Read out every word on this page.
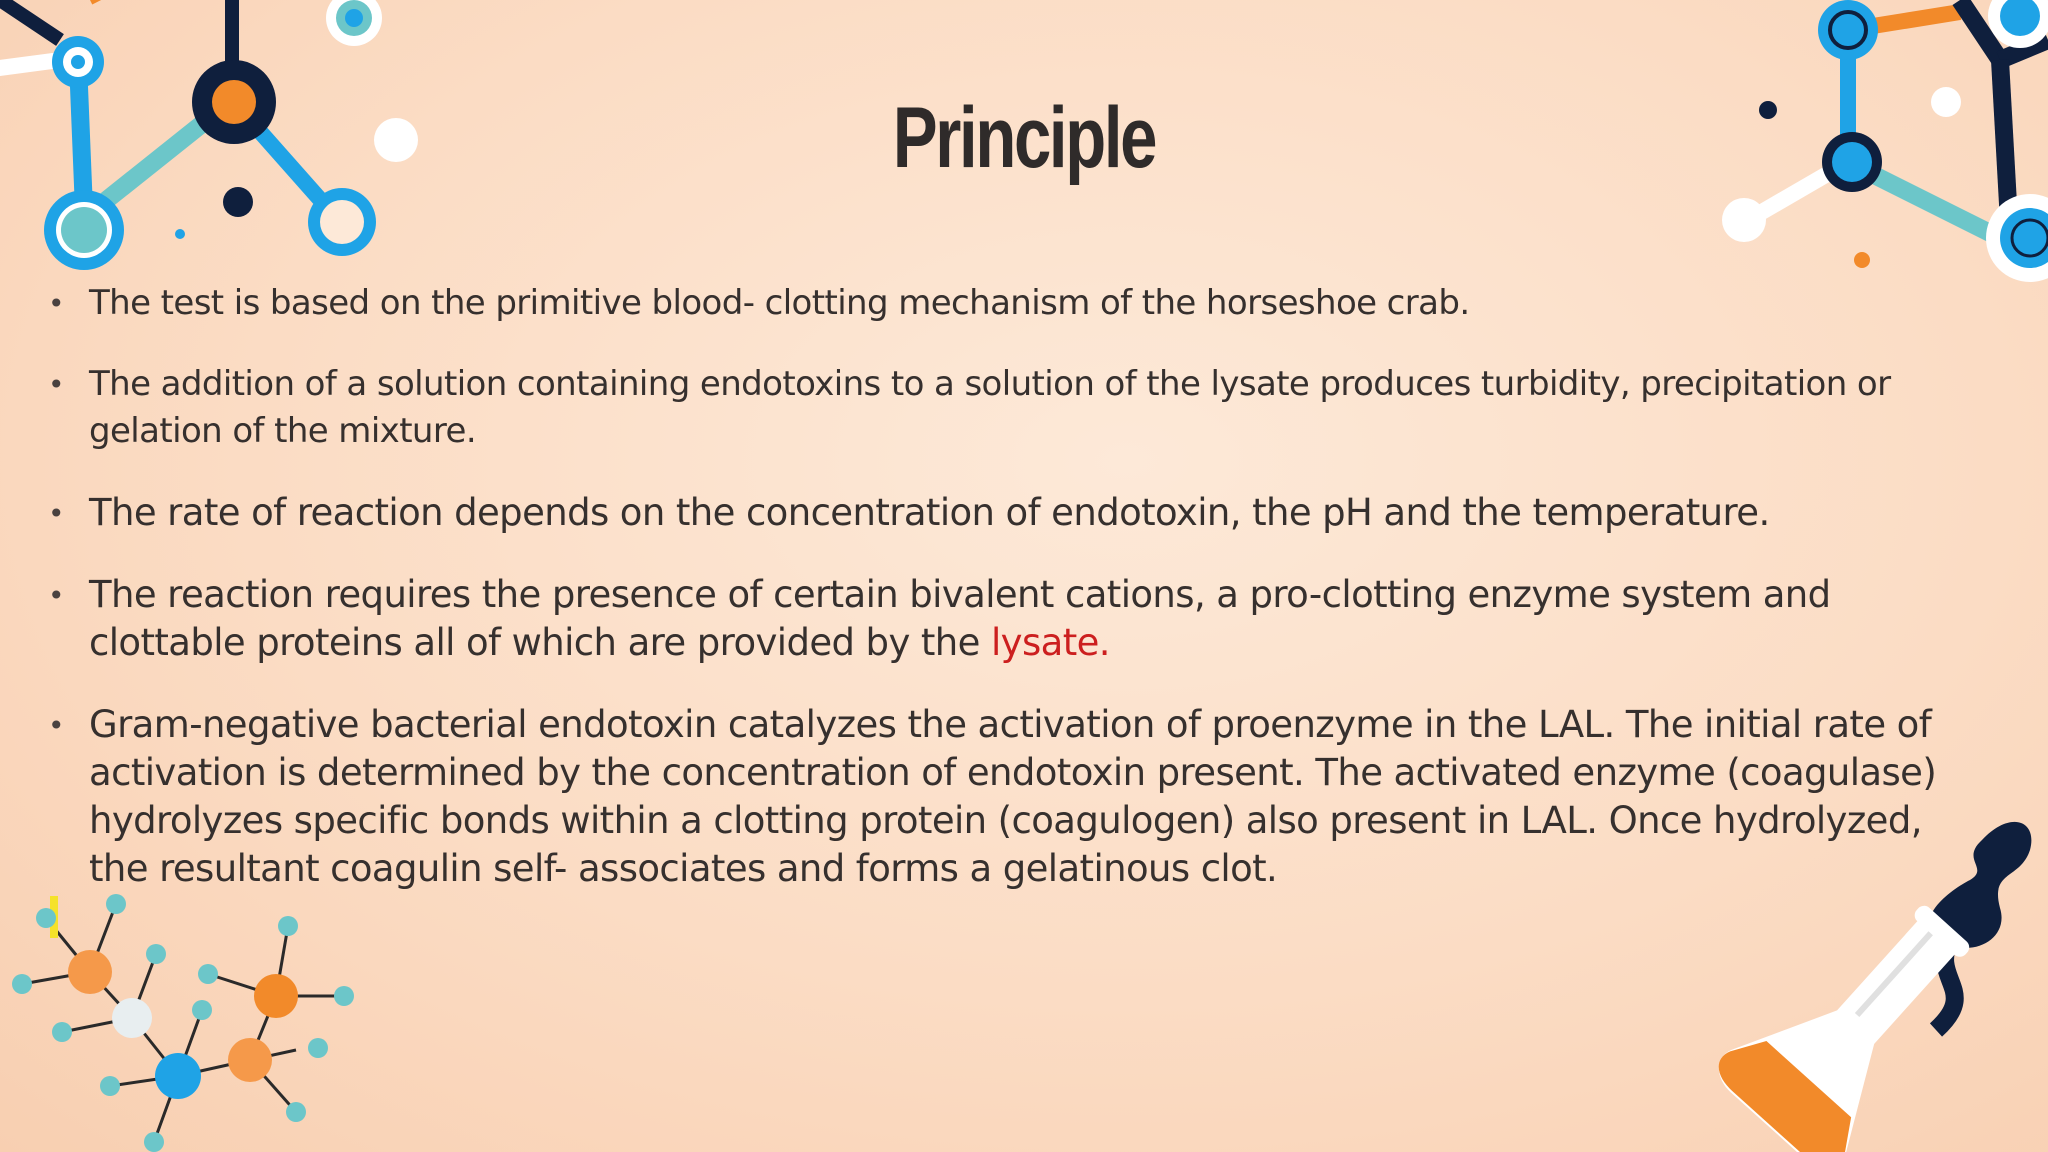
Principle
• The test is based on the primitive blood- clotting mechanism of the horseshoe crab.
• The addition of a solution containing endotoxins to a solution of the lysate produces turbidity, precipitation or gelation of the mixture.
• The rate of reaction depends on the concentration of endotoxin, the pH and the temperature.
• The reaction requires the presence of certain bivalent cations, a pro-clotting enzyme system and clottable proteins all of which are provided by the lysate.
• Gram-negative bacterial endotoxin catalyzes the activation of proenzyme in the LAL. The initial rate of activation is determined by the concentration of endotoxin present. The activated enzyme (coagulase) hydrolyzes specific bonds within a clotting protein (coagulogen) also present in LAL. Once hydrolyzed, the resultant coagulin self- associates and forms a gelatinous clot.
